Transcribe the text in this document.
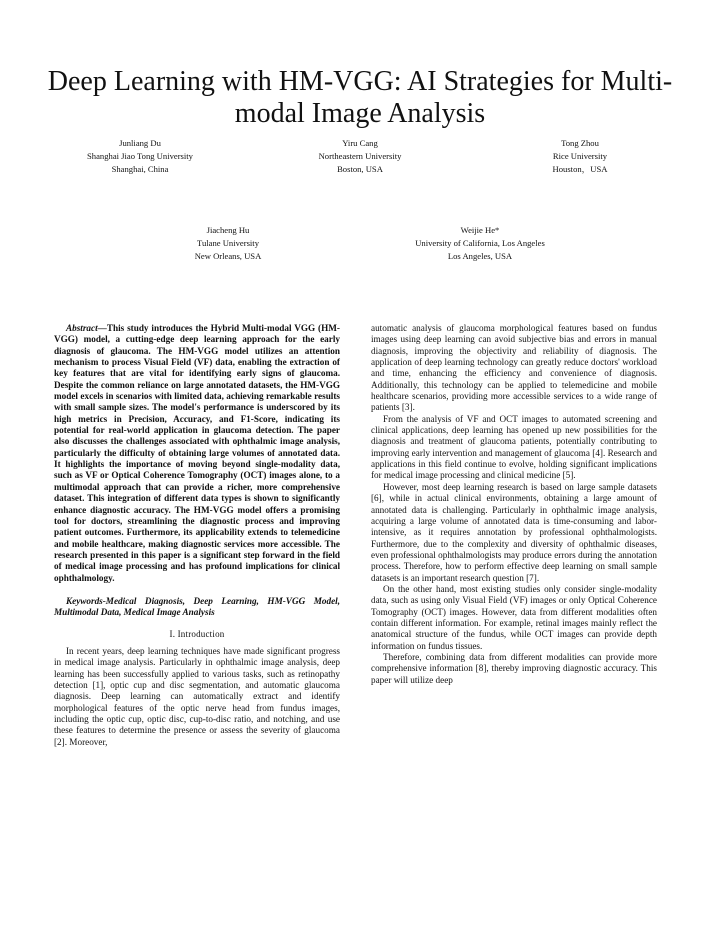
Deep Learning with HM-VGG: AI Strategies for Multi-modal Image Analysis
Junliang Du
Shanghai Jiao Tong University
Shanghai, China
Yiru Cang
Northeastern University
Boston, USA
Tong Zhou
Rice University
Houston，USA
Jiacheng Hu
Tulane University
New Orleans, USA
Weijie He*
University of California, Los Angeles
Los Angeles, USA

Abstract—This study introduces the Hybrid Multi-modal VGG (HM-VGG) model, a cutting-edge deep learning approach for the early diagnosis of glaucoma. The HM-VGG model utilizes an attention mechanism to process Visual Field (VF) data, enabling the extraction of key features that are vital for identifying early signs of glaucoma. Despite the common reliance on large annotated datasets, the HM-VGG model excels in scenarios with limited data, achieving remarkable results with small sample sizes. The model's performance is underscored by its high metrics in Precision, Accuracy, and F1-Score, indicating its potential for real-world application in glaucoma detection. The paper also discusses the challenges associated with ophthalmic image analysis, particularly the difficulty of obtaining large volumes of annotated data. It highlights the importance of moving beyond single-modality data, such as VF or Optical Coherence Tomography (OCT) images alone, to a multimodal approach that can provide a richer, more comprehensive dataset. This integration of different data types is shown to significantly enhance diagnostic accuracy. The HM-VGG model offers a promising tool for doctors, streamlining the diagnostic process and improving patient outcomes. Furthermore, its applicability extends to telemedicine and mobile healthcare, making diagnostic services more accessible. The research presented in this paper is a significant step forward in the field of medical image processing and has profound implications for clinical ophthalmology.

Keywords-Medical Diagnosis, Deep Learning, HM-VGG Model, Multimodal Data, Medical Image Analysis

I. Introduction

In recent years, deep learning techniques have made significant progress in medical image analysis. Particularly in ophthalmic image analysis, deep learning has been successfully applied to various tasks, such as retinopathy detection [1], optic cup and disc segmentation, and automatic glaucoma diagnosis. Deep learning can automatically extract and identify morphological features of the optic nerve head from fundus images, including the optic cup, optic disc, cup-to-disc ratio, and notching, and use these features to determine the presence or assess the severity of glaucoma [2]. Moreover,

automatic analysis of glaucoma morphological features based on fundus images using deep learning can avoid subjective bias and errors in manual diagnosis, improving the objectivity and reliability of diagnosis. The application of deep learning technology can greatly reduce doctors' workload and time, enhancing the efficiency and convenience of diagnosis. Additionally, this technology can be applied to telemedicine and mobile healthcare scenarios, providing more accessible services to a wide range of patients [3].

From the analysis of VF and OCT images to automated screening and clinical applications, deep learning has opened up new possibilities for the diagnosis and treatment of glaucoma patients, potentially contributing to improving early intervention and management of glaucoma [4]. Research and applications in this field continue to evolve, holding significant implications for medical image processing and clinical medicine [5].

However, most deep learning research is based on large sample datasets [6], while in actual clinical environments, obtaining a large amount of annotated data is challenging. Particularly in ophthalmic image analysis, acquiring a large volume of annotated data is time-consuming and labor-intensive, as it requires annotation by professional ophthalmologists. Furthermore, due to the complexity and diversity of ophthalmic diseases, even professional ophthalmologists may produce errors during the annotation process. Therefore, how to perform effective deep learning on small sample datasets is an important research question [7].

On the other hand, most existing studies only consider single-modality data, such as using only Visual Field (VF) images or only Optical Coherence Tomography (OCT) images. However, data from different modalities often contain different information. For example, retinal images mainly reflect the anatomical structure of the fundus, while OCT images can provide depth information on fundus tissues.

Therefore, combining data from different modalities can provide more comprehensive information [8], thereby improving diagnostic accuracy. This paper will utilize deep
